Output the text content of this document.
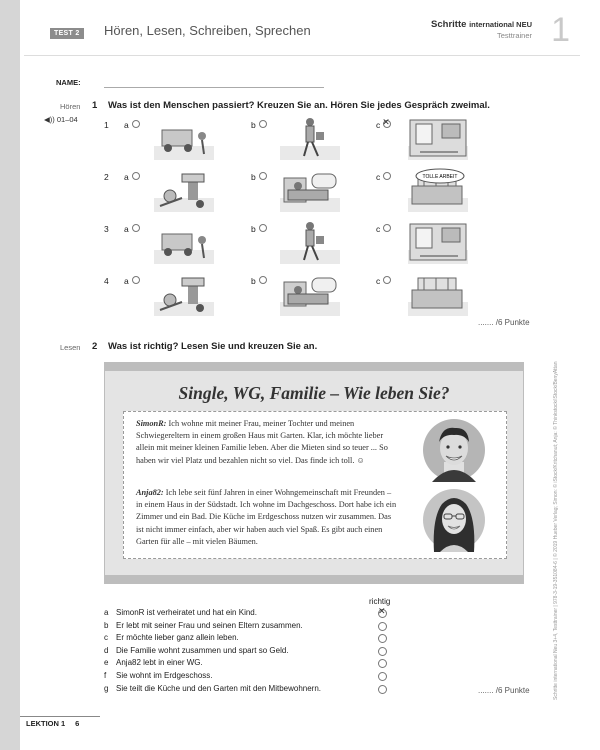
TEST 2	Hören, Lesen, Schreiben, Sprechen	Schritte international NEU
Testtrainer 1
NAME:
Hören
◀)) 01–04
1 Was ist den Menschen passiert? Kreuzen Sie an. Hören Sie jedes Gespräch zweimal.
1 a	b	c ✕
2 a	b	c	TOLLE ARBEIT
3 a	b	c
4 a	b	c
....... /6 Punkte
Lesen 2 Was ist richtig? Lesen Sie und kreuzen Sie an.
Single, WG, Familie – Wie leben Sie?
SimonR: Ich wohne mit meiner Frau, meiner Tochter und meinen Schwiegereltern in einem großen Haus mit Garten. Klar, ich möchte lieber allein mit meiner kleinen Familie leben. Aber die Mieten sind so teuer ... So haben wir viel Platz und bezahlen nicht so viel. Das finde ich toll. ☺
Anja82: Ich lebe seit fünf Jahren in einer Wohngemeinschaft mit Freunden – in einem Haus in der Südstadt. Ich wohne im Dachgeschoss. Dort habe ich ein Zimmer und ein Bad. Die Küche im Erdgeschoss nutzen wir zusammen. Das ist nicht immer einfach, aber wir haben auch viel Spaß. Es gibt auch einen Garten für alle – mit vielen Bäumen.
richtig
a SimonR ist verheiratet und hat ein Kind.	✕
b Er lebt mit seiner Frau und seinen Eltern zusammen.
c Er möchte lieber ganz allein leben.
d Die Familie wohnt zusammen und spart so Geld.
e Anja82 lebt in einer WG.
f Sie wohnt im Erdgeschoss.
g Sie teilt die Küche und den Garten mit den Mitbewohnern.	....... /6 Punkte
LEKTION 1 6
Schritte international Neu 3+4, Testtrainer | 978-3-19-351084-6 | © 2019 Hueber Verlag; Simon: © iStock/Kritchanut; Anja: © Thinkstock/iStock/BenyAttan
